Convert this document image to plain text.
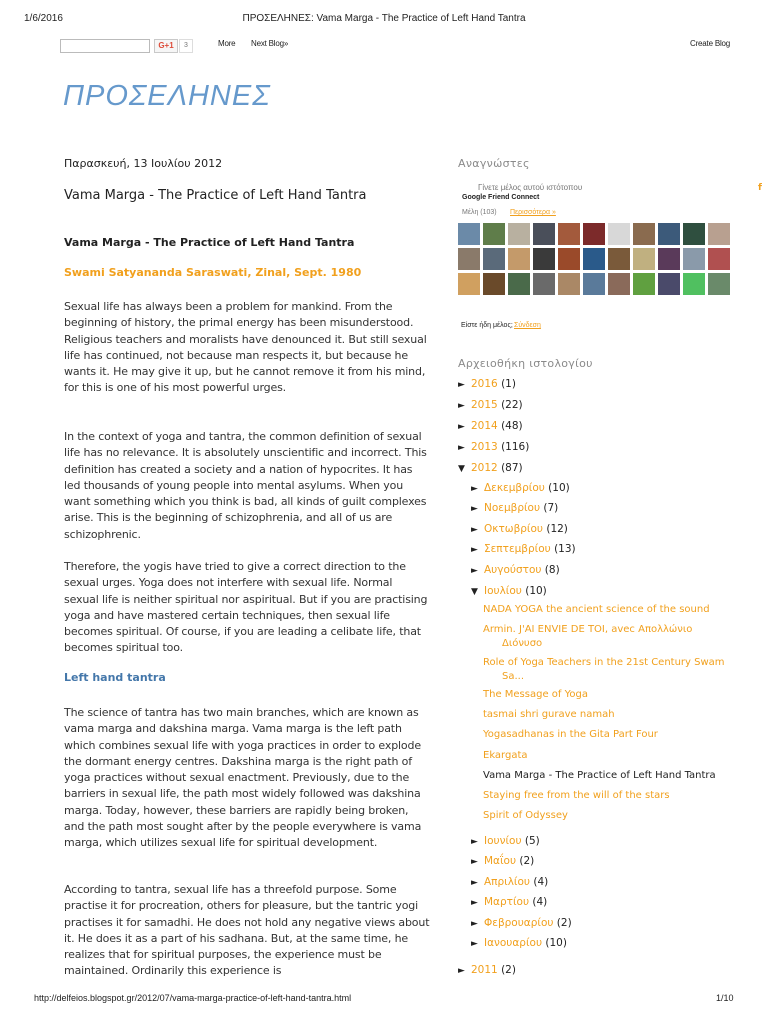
1/6/2016	ΠΡΟΣΕΛΗΝΕΣ: Vama Marga - The Practice of Left Hand Tantra
G+1	3	More Next Blog»	Create Blog
ΠΡΟΣΕΛΗΝΕΣ
Παρασκευή, 13 Ιουλίου 2012
Vama Marga - The Practice of Left Hand Tantra
Vama Marga - The Practice of Left Hand Tantra
Swami Satyananda Saraswati, Zinal, Sept. 1980

Sexual life has always been a problem for mankind. From the beginning of history, the primal energy has been misunderstood. Religious teachers and moralists have denounced it. But still sexual life has continued, not because man respects it, but because he wants it. He may give it up, but he cannot remove it from his mind, for this is one of his most powerful urges.

In the context of yoga and tantra, the common definition of sexual life has no relevance. It is absolutely unscientific and incorrect. This definition has created a society and a nation of hypocrites. It has led thousands of young people into mental asylums. When you want something which you think is bad, all kinds of guilt complexes arise. This is the beginning of schizophrenia, and all of us are schizophrenic.

Therefore, the yogis have tried to give a correct direction to the sexual urges. Yoga does not interfere with sexual life. Normal sexual life is neither spiritual nor aspiritual. But if you are practising yoga and have mastered certain techniques, then sexual life becomes spiritual. Of course, if you are leading a celibate life, that becomes spiritual too.

Left hand tantra

The science of tantra has two main branches, which are known as vama marga and dakshina marga. Vama marga is the left path which combines sexual life with yoga practices in order to explode the dormant energy centres. Dakshina marga is the right path of yoga practices without sexual enactment. Previously, due to the barriers in sexual life, the path most widely followed was dakshina marga. Today, however, these barriers are rapidly being broken, and the path most sought after by the people everywhere is vama marga, which utilizes sexual life for spiritual development.

According to tantra, sexual life has a threefold purpose. Some practise it for procreation, others for pleasure, but the tantric yogi practises it for samadhi. He does not hold any negative views about it. He does it as a part of his sadhana. But, at the same time, he realizes that for spiritual purposes, the experience must be maintained. Ordinarily this experience is

Αναγνώστες
Γίνετε μέλος αυτού ιστότοπου
Google Friend Connect
f
Μέλη (103) Περισσότερα »
Είστε ήδη μέλος; Σύνδεση
Αρχειοθήκη ιστολογίου
► 2016 (1)
► 2015 (22)
► 2014 (48)
► 2013 (116)
▼ 2012 (87)
► Δεκεμβρίου (10)
► Νοεμβρίου (7)
► Οκτωβρίου (12)
► Σεπτεμβρίου (13)
► Αυγούστου (8)
▼ Ιουλίου (10)
► Ιουνίου (5)
► Μαΐου (2)
► Απριλίου (4)
► Μαρτίου (4)
► Φεβρουαρίου (2)
► Ιανουαρίου (10)
► 2011 (2)
NADA YOGA the ancient science of the sound
Armin. J'AI ENVIE DE TOI, avec Απολλώνιο
Διόνυσο
Role of Yoga Teachers in the 21st Century Swam
Sa...
The Message of Yoga
tasmai shri gurave namah
Yogasadhanas in the Gita Part Four
Ekargata
Vama Marga - The Practice of Left Hand Tantra
Staying free from the will of the stars
Spirit of Odyssey
http://delfeios.blogspot.gr/2012/07/vama-marga-practice-of-left-hand-tantra.html	1/10
